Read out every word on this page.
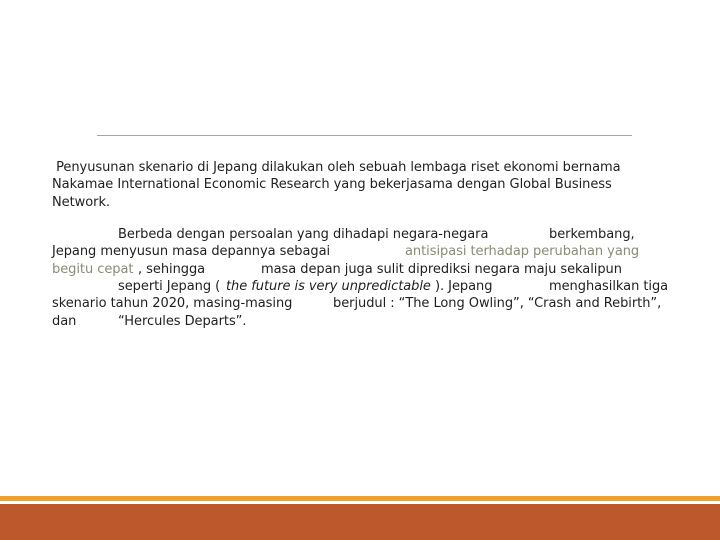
Penyusunan skenario di Jepang dilakukan oleh sebuah lembaga riset ekonomi bernama
Nakamae International Economic Research yang bekerjasama dengan Global Business
Network.
Berbeda dengan persoalan yang dihadapi negara-negara	berkembang,
Jepang menyusun masa depannya sebagai	antisipasi terhadap perubahan yang
begitu cepat , sehingga	masa depan juga sulit diprediksi negara maju sekalipun
seperti Jepang ( the future is very unpredictable ). Jepang	menghasilkan tiga
skenario tahun 2020, masing-masing	berjudul : “The Long Owling”, “Crash and Rebirth”,
dan	“Hercules Departs”.
